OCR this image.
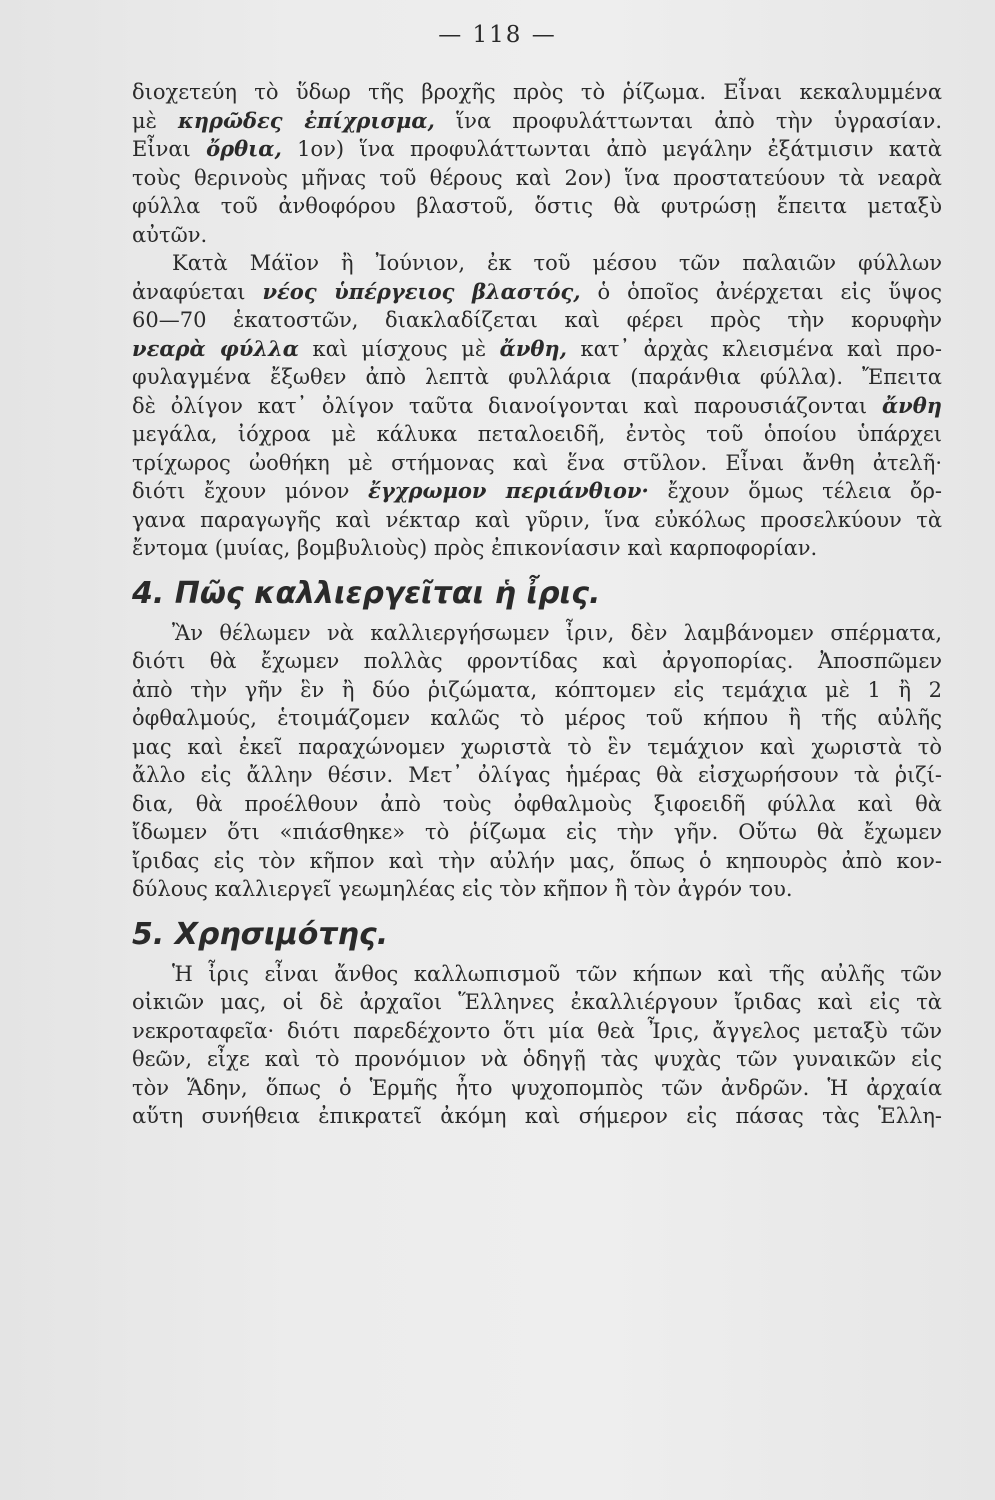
— 118 —

διοχετεύη τὸ ὕδωρ τῆς βροχῆς πρὸς τὸ ῥίζωμα. Εἶναι κεκαλυμμένα
μὲ κηρῶδες ἐπίχρισμα, ἵνα προφυλάττωνται ἀπὸ τὴν ὑγρασίαν.
Εἶναι ὄρθια, 1ον) ἵνα προφυλάττωνται ἀπὸ μεγάλην ἐξάτμισιν κατὰ
τοὺς θερινοὺς μῆνας τοῦ θέρους καὶ 2ον) ἵνα προστατεύουν τὰ νεαρὰ
φύλλα τοῦ ἀνθοφόρου βλαστοῦ, ὅστις θὰ φυτρώσῃ ἔπειτα μεταξὺ
αὐτῶν.

Κατὰ Μάϊον ἢ Ἰούνιον, ἐκ τοῦ μέσου τῶν παλαιῶν φύλλων
ἀναφύεται νέος ὑπέργειος βλαστός, ὁ ὁποῖος ἀνέρχεται εἰς ὕψος
60—70 ἑκατοστῶν, διακλαδίζεται καὶ φέρει πρὸς τὴν κορυφὴν
νεαρὰ φύλλα καὶ μίσχους μὲ ἄνθη, κατ᾿ ἀρχὰς κλεισμένα καὶ προ-
φυλαγμένα ἔξωθεν ἀπὸ λεπτὰ φυλλάρια (παράνθια φύλλα). Ἔπειτα
δὲ ὀλίγον κατ᾿ ὀλίγον ταῦτα διανοίγονται καὶ παρουσιάζονται ἄνθη
μεγάλα, ἰόχροα μὲ κάλυκα πεταλοειδῆ, ἐντὸς τοῦ ὁποίου ὑπάρχει
τρίχωρος ὠοθήκη μὲ στήμονας καὶ ἕνα στῦλον. Εἶναι ἄνθη ἀτελῆ·
διότι ἔχουν μόνον ἔγχρωμον περιάνθιον· ἔχουν ὅμως τέλεια ὄρ-
γανα παραγωγῆς καὶ νέκταρ καὶ γῦριν, ἵνα εὐκόλως προσελκύουν τὰ
ἔντομα (μυίας, βομβυλιοὺς) πρὸς ἐπικονίασιν καὶ καρποφορίαν.

4. Πῶς καλλιεργεῖται ἡ ἶρις.

Ἂν θέλωμεν νὰ καλλιεργήσωμεν ἶριν, δὲν λαμβάνομεν σπέρματα,
διότι θὰ ἔχωμεν πολλὰς φροντίδας καὶ ἀργοπορίας. Ἀποσπῶμεν
ἀπὸ τὴν γῆν ἓν ἢ δύο ῥιζώματα, κόπτομεν εἰς τεμάχια μὲ 1 ἢ 2
ὀφθαλμούς, ἑτοιμάζομεν καλῶς τὸ μέρος τοῦ κήπου ἢ τῆς αὐλῆς
μας καὶ ἐκεῖ παραχώνομεν χωριστὰ τὸ ἓν τεμάχιον καὶ χωριστὰ τὸ
ἄλλο εἰς ἄλλην θέσιν. Μετ᾿ ὀλίγας ἡμέρας θὰ εἰσχωρήσουν τὰ ῥιζί-
δια, θὰ προέλθουν ἀπὸ τοὺς ὀφθαλμοὺς ξιφοειδῆ φύλλα καὶ θὰ
ἴδωμεν ὅτι «πιάσθηκε» τὸ ῥίζωμα εἰς τὴν γῆν. Οὕτω θὰ ἔχωμεν
ἴριδας εἰς τὸν κῆπον καὶ τὴν αὐλήν μας, ὅπως ὁ κηπουρὸς ἀπὸ κον-
δύλους καλλιεργεῖ γεωμηλέας εἰς τὸν κῆπον ἢ τὸν ἀγρόν του.

5. Χρησιμότης.

Ἡ ἶρις εἶναι ἄνθος καλλωπισμοῦ τῶν κήπων καὶ τῆς αὐλῆς τῶν
οἰκιῶν μας, οἱ δὲ ἀρχαῖοι Ἕλληνες ἐκαλλιέργουν ἴριδας καὶ εἰς τὰ
νεκροταφεῖα· διότι παρεδέχοντο ὅτι μία θεὰ Ἶρις, ἄγγελος μεταξὺ τῶν
θεῶν, εἶχε καὶ τὸ προνόμιον νὰ ὁδηγῇ τὰς ψυχὰς τῶν γυναικῶν εἰς
τὸν Ἅδην, ὅπως ὁ Ἑρμῆς ἦτο ψυχοπομπὸς τῶν ἀνδρῶν. Ἡ ἀρχαία
αὕτη συνήθεια ἐπικρατεῖ ἀκόμη καὶ σήμερον εἰς πάσας τὰς Ἑλλη-
